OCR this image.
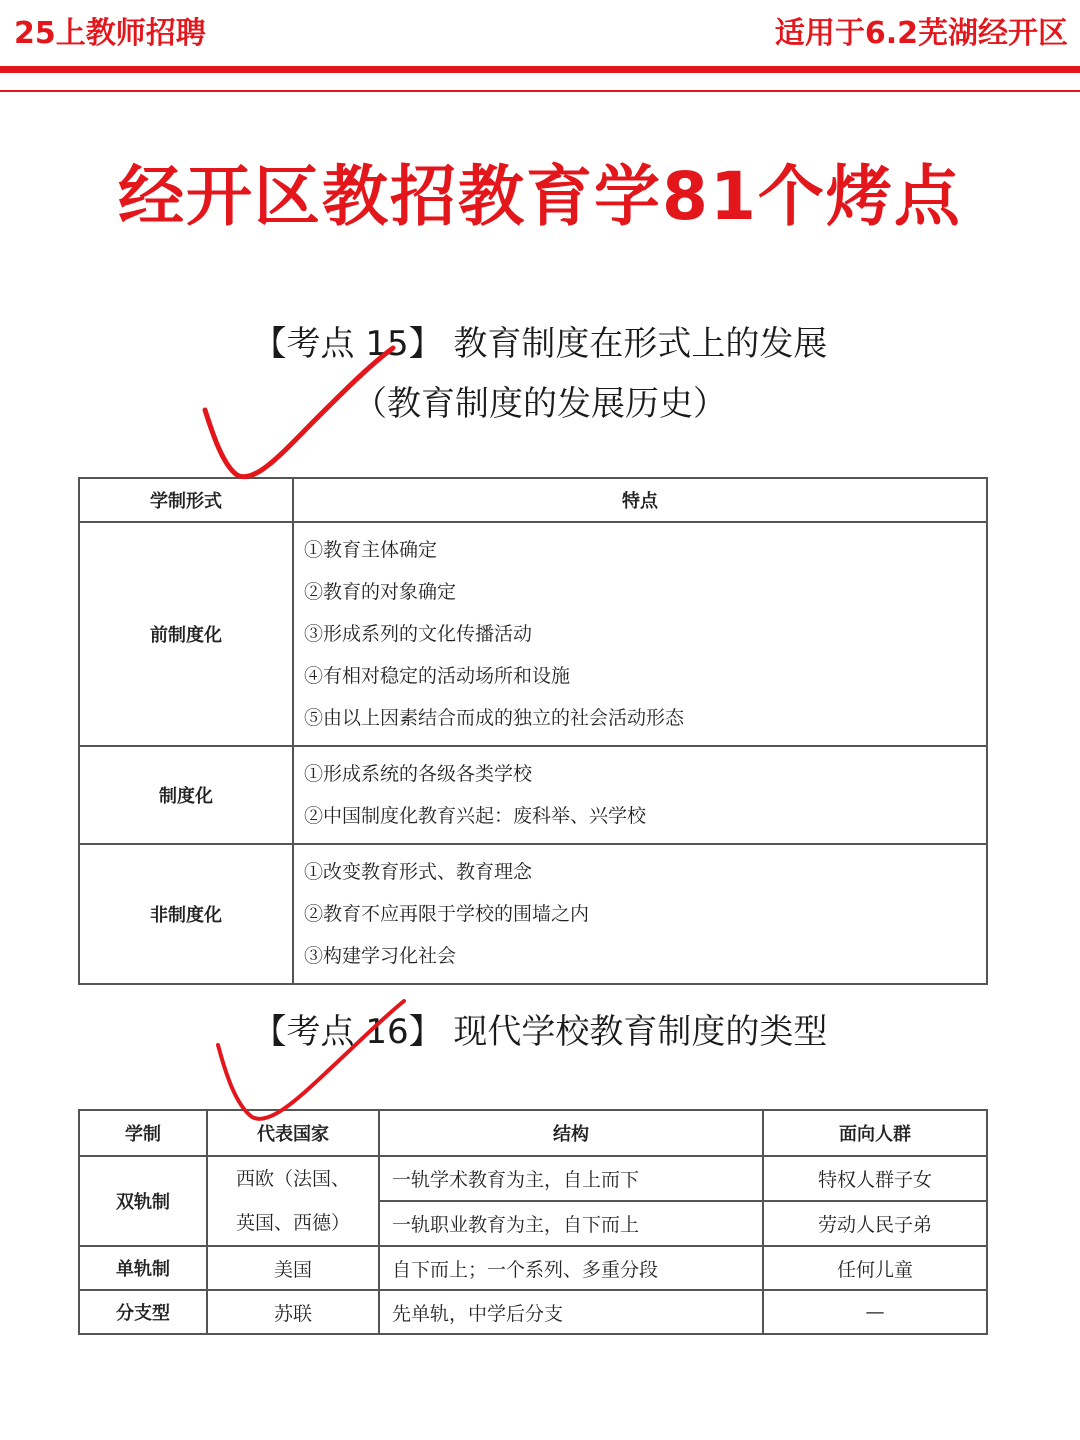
25上教师招聘	适用于6.2芜湖经开区
经开区教招教育学81个烤点
【考点 15】 教育制度在形式上的发展
（教育制度的发展历史）
学制形式	特点
前制度化	①教育主体确定
②教育的对象确定
③形成系列的文化传播活动
④有相对稳定的活动场所和设施
⑤由以上因素结合而成的独立的社会活动形态

制度化	①形成系统的各级各类学校
②中国制度化教育兴起：废科举、兴学校

非制度化	①改变教育形式、教育理念
②教育不应再限于学校的围墙之内
③构建学习化社会
【考点 16】 现代学校教育制度的类型
学制	代表国家	结构	面向人群
双轨制	西欧（法国、
英国、西德）	一轨学术教育为主，自上而下	特权人群子女
		一轨职业教育为主，自下而上	劳动人民子弟
单轨制	美国	自下而上；一个系列、多重分段	任何儿童
分支型	苏联	先单轨，中学后分支	—
